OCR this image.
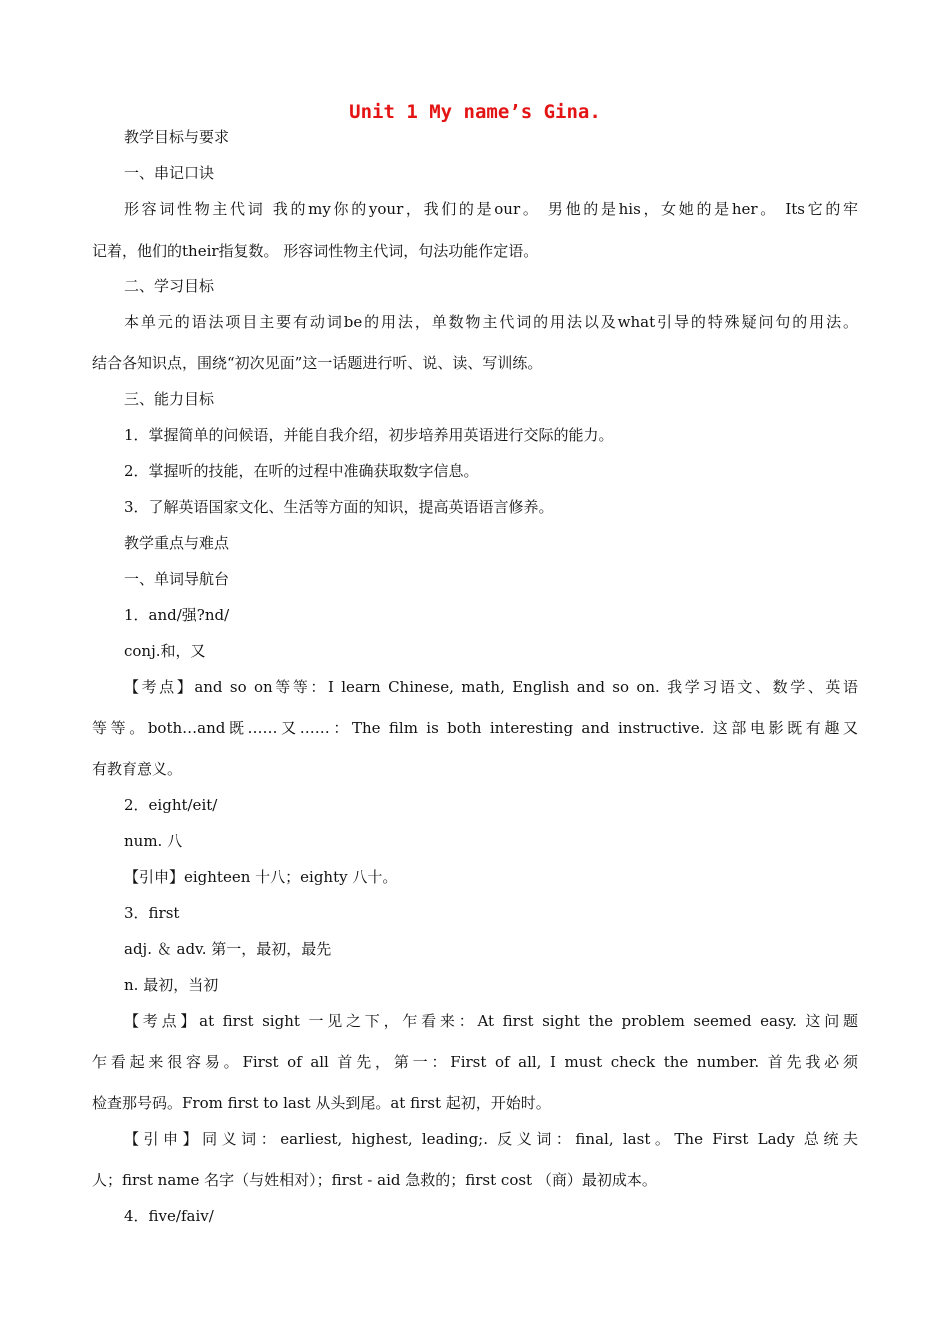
Unit 1 My name’s Gina.
教学目标与要求
一、串记口诀
形容词性物主代词 我的my你的your，我们的是our。 男他的是his，女她的是her。 Its它的牢
记着，他们的their指复数。 形容词性物主代词，句法功能作定语。
二、学习目标
本单元的语法项目主要有动词be的用法，单数物主代词的用法以及what引导的特殊疑问句的用法。
结合各知识点，围绕“初次见面”这一话题进行听、说、读、写训练。
三、能力目标
1．掌握简单的问候语，并能自我介绍，初步培养用英语进行交际的能力。
2．掌握听的技能，在听的过程中准确获取数字信息。
3．了解英语国家文化、生活等方面的知识，提高英语语言修养。
教学重点与难点
一、单词导航台
1．and/强?nd/
conj.和，又
【考点】and so on等等：I learn Chinese, math, English and so on. 我学习语文、数学、英语
等等。both…and既……又……：The film is both interesting and instructive. 这部电影既有趣又
有教育意义。
2．eight/eit/
num. 八
【引申】eighteen 十八；eighty 八十。
3．first
adj. ＆ adv. 第一，最初，最先
n. 最初，当初
【考点】at first sight 一见之下，乍看来：At first sight the problem seemed easy. 这问题
乍看起来很容易。First of all 首先，第一：First of all, I must check the number. 首先我必须
检查那号码。From first to last 从头到尾。at first 起初，开始时。
【引申】同义词：earliest, highest, leading;. 反义词：final, last。The First Lady 总统夫
人；first name 名字（与姓相对）；first - aid 急救的；first cost （商）最初成本。
4．five/faiv/
